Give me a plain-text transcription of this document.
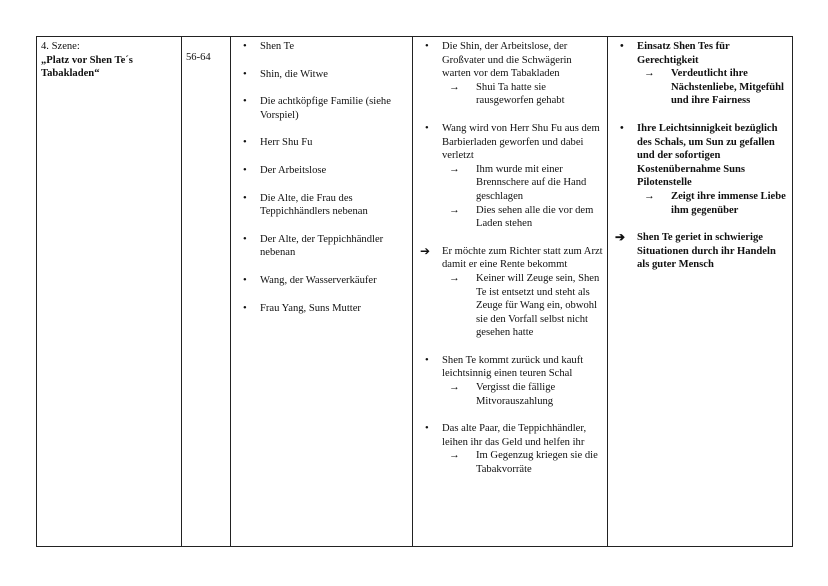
4. Szene:
„Platz vor Shen Te´s Tabakladen“

56-64

• Shen Te
• Shin, die Witwe
• Die achtköpfige Familie (siehe Vorspiel)
• Herr Shu Fu
• Der Arbeitslose
• Die Alte, die Frau des Teppichhändlers nebenan
• Der Alte, der Teppichhändler nebenan
• Wang, der Wasserverkäufer
• Frau Yang, Suns Mutter

• Die Shin, der Arbeitslose, der Großvater und die Schwägerin warten vor dem Tabakladen
→ Shui Ta hatte sie rausgeworfen gehabt
• Wang wird von Herr Shu Fu aus dem Barbierladen geworfen und dabei verletzt
→ Ihm wurde mit einer Brennschere auf die Hand geschlagen
→ Dies sehen alle die vor dem Laden stehen
➔ Er möchte zum Richter statt zum Arzt damit er eine Rente bekommt
→ Keiner will Zeuge sein, Shen Te ist entsetzt und steht als Zeuge für Wang ein, obwohl sie den Vorfall selbst nicht gesehen hatte
• Shen Te kommt zurück und kauft leichtsinnig einen teuren Schal
→ Vergisst die fällige Mitvorauszahlung
• Das alte Paar, die Teppichhändler, leihen ihr das Geld und helfen ihr
→ Im Gegenzug kriegen sie die Tabakvorräte

• Einsatz Shen Tes für Gerechtigkeit
→ Verdeutlicht ihre Nächstenliebe, Mitgefühl und ihre Fairness
• Ihre Leichtsinnigkeit bezüglich des Schals, um Sun zu gefallen und der sofortigen Kostenübernahme Suns Pilotenstelle
→ Zeigt ihre immense Liebe ihm gegenüber
➔ Shen Te geriet in schwierige Situationen durch ihr Handeln als guter Mensch
